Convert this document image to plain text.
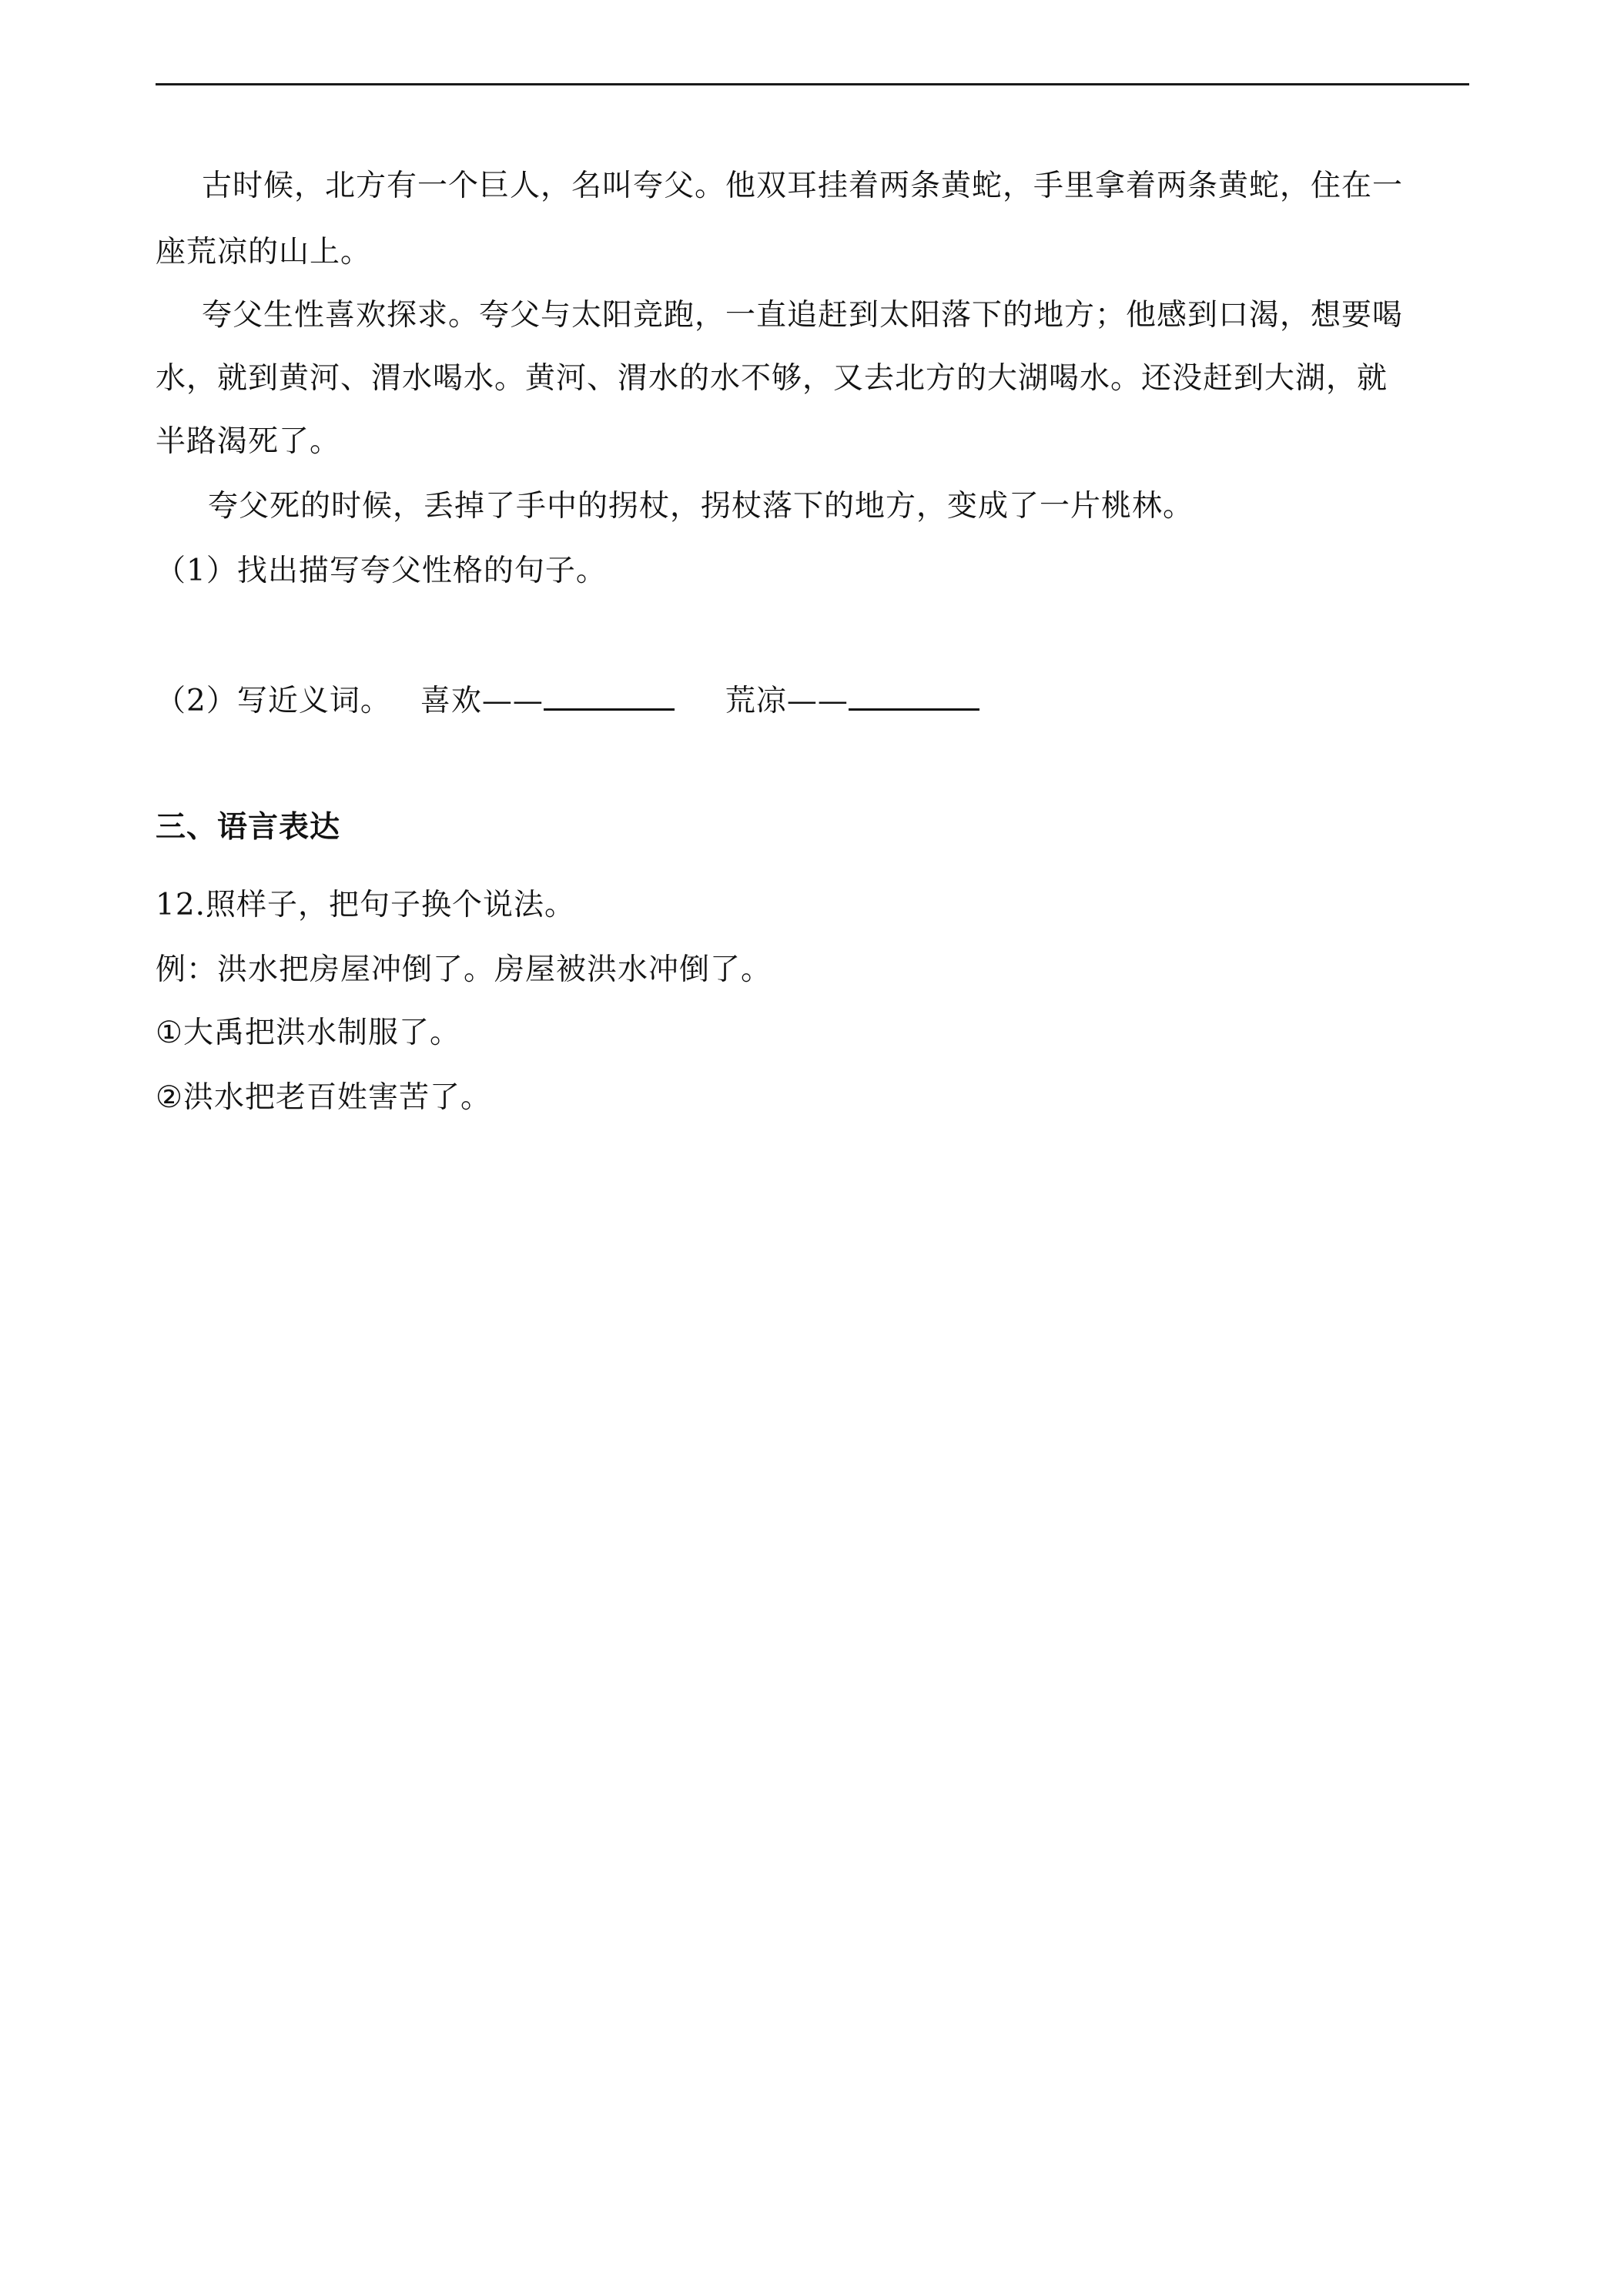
古时候，北方有一个巨人，名叫夸父。他双耳挂着两条黄蛇，手里拿着两条黄蛇，住在一
座荒凉的山上。
夸父生性喜欢探求。夸父与太阳竞跑，一直追赶到太阳落下的地方；他感到口渴，想要喝
水，就到黄河、渭水喝水。黄河、渭水的水不够，又去北方的大湖喝水。还没赶到大湖，就
半路渴死了。
夸父死的时候，丢掉了手中的拐杖，拐杖落下的地方，变成了一片桃林。
（1）找出描写夸父性格的句子。
（2）写近义词。 喜欢——	荒凉——
三、语言表达
12.照样子，把句子换个说法。
例：洪水把房屋冲倒了。房屋被洪水冲倒了。
①大禹把洪水制服了。
②洪水把老百姓害苦了。
